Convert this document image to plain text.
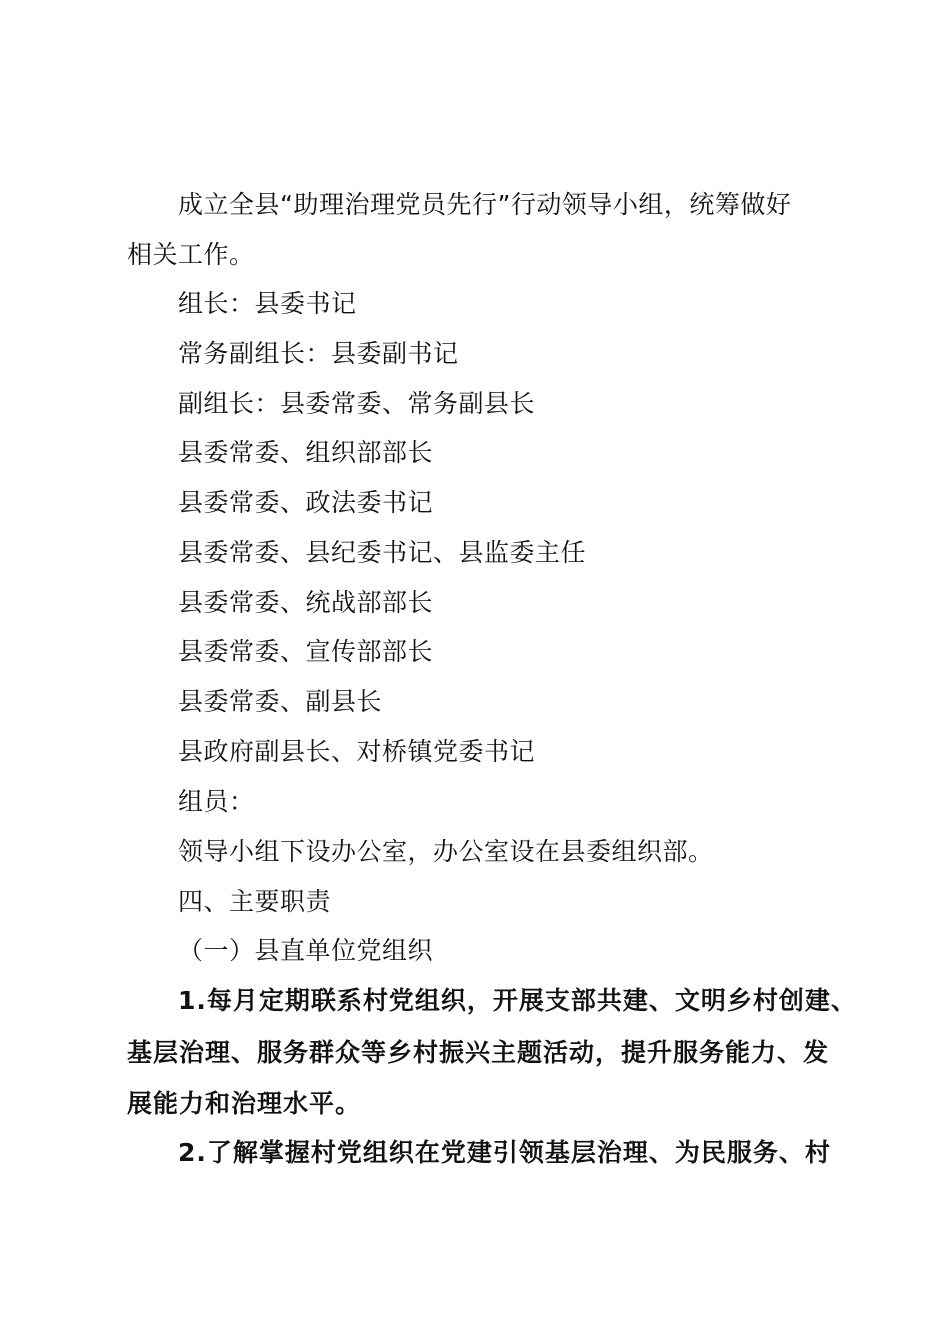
成立全县“助理治理党员先行”行动领导小组，统筹做好
相关工作。
组长：县委书记
常务副组长：县委副书记
副组长：县委常委、常务副县长
县委常委、组织部部长
县委常委、政法委书记
县委常委、县纪委书记、县监委主任
县委常委、统战部部长
县委常委、宣传部部长
县委常委、副县长
县政府副县长、对桥镇党委书记
组员：
领导小组下设办公室，办公室设在县委组织部。
四、主要职责
（一）县直单位党组织
1.每月定期联系村党组织，开展支部共建、文明乡村创建、
基层治理、服务群众等乡村振兴主题活动，提升服务能力、发
展能力和治理水平。
2.了解掌握村党组织在党建引领基层治理、为民服务、村
